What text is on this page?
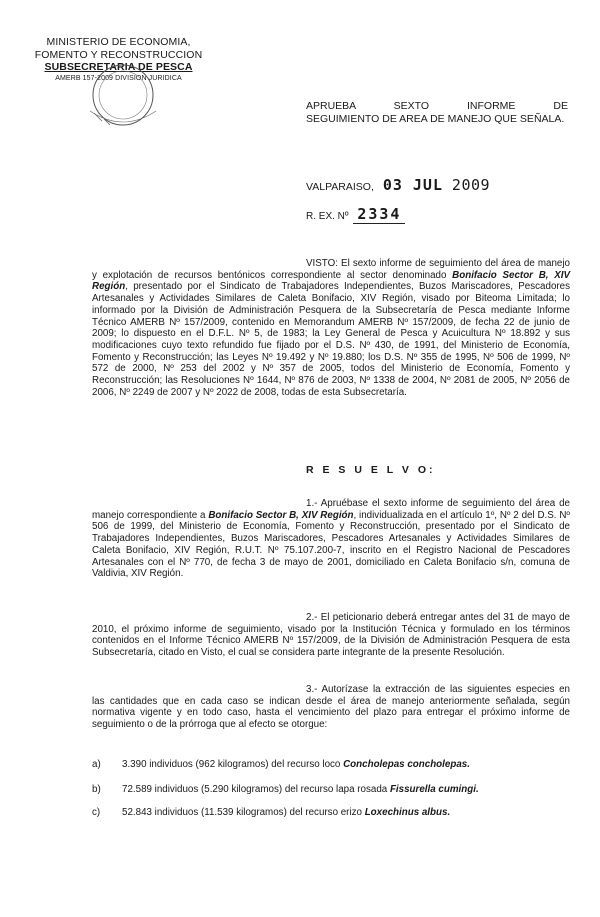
MINISTERIO DE ECONOMIA,
FOMENTO Y RECONSTRUCCION
SUBSECRETARIA DE PESCA
AMERB 157-2009 DIVISION JURIDICA
APRUEBA SEXTO INFORME DE
SEGUIMIENTO DE AREA DE MANEJO QUE SEÑALA.
VALPARAISO, 03 JUL 2009
R. EX. Nº 2334
VISTO: El sexto informe de seguimiento del área de manejo y explotación de recursos bentónicos correspondiente al sector denominado Bonifacio Sector B, XIV Región, presentado por el Sindicato de Trabajadores Independientes, Buzos Mariscadores, Pescadores Artesanales y Actividades Similares de Caleta Bonifacio, XIV Región, visado por Biteoma Limitada; lo informado por la División de Administración Pesquera de la Subsecretaría de Pesca mediante Informe Técnico AMERB Nº 157/2009, contenido en Memorandum AMERB Nº 157/2009, de fecha 22 de junio de 2009; lo dispuesto en el D.F.L. Nº 5, de 1983; la Ley General de Pesca y Acuicultura Nº 18.892 y sus modificaciones cuyo texto refundido fue fijado por el D.S. Nº 430, de 1991, del Ministerio de Economía, Fomento y Reconstrucción; las Leyes Nº 19.492 y Nº 19.880; los D.S. Nº 355 de 1995, Nº 506 de 1999, Nº 572 de 2000, Nº 253 del 2002 y Nº 357 de 2005, todos del Ministerio de Economía, Fomento y Reconstrucción; las Resoluciones Nº 1644, Nº 876 de 2003, Nº 1338 de 2004, Nº 2081 de 2005, Nº 2056 de 2006, Nº 2249 de 2007 y Nº 2022 de 2008, todas de esta Subsecretaría.
R E S U E L V O:
1.- Apruébase el sexto informe de seguimiento del área de manejo correspondiente a Bonifacio Sector B, XIV Región, individualizada en el artículo 1º, Nº 2 del D.S. Nº 506 de 1999, del Ministerio de Economía, Fomento y Reconstrucción, presentado por el Sindicato de Trabajadores Independientes, Buzos Mariscadores, Pescadores Artesanales y Actividades Similares de Caleta Bonifacio, XIV Región, R.U.T. Nº 75.107.200-7, inscrito en el Registro Nacional de Pescadores Artesanales con el Nº 770, de fecha 3 de mayo de 2001, domiciliado en Caleta Bonifacio s/n, comuna de Valdivia, XIV Región.
2.- El peticionario deberá entregar antes del 31 de mayo de 2010, el próximo informe de seguimiento, visado por la Institución Técnica y formulado en los términos contenidos en el Informe Técnico AMERB Nº 157/2009, de la División de Administración Pesquera de esta Subsecretaría, citado en Visto, el cual se considera parte integrante de la presente Resolución.
3.- Autorízase la extracción de las siguientes especies en las cantidades que en cada caso se indican desde el área de manejo anteriormente señalada, según normativa vigente y en todo caso, hasta el vencimiento del plazo para entregar el próximo informe de seguimiento o de la prórroga que al efecto se otorgue:
a) 3.390 individuos (962 kilogramos) del recurso loco Concholepas concholepas.
b) 72.589 individuos (5.290 kilogramos) del recurso lapa rosada Fissurella cumingi.
c) 52.843 individuos (11.539 kilogramos) del recurso erizo Loxechinus albus.
